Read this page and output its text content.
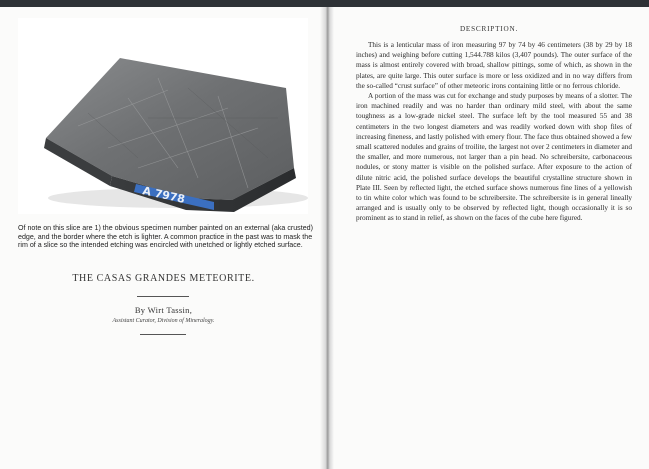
A 7978

Of note on this slice are 1) the obvious specimen number painted on an external (aka crusted) edge, and the border where the etch is lighter. A common practice in the past was to mask the rim of a slice so the intended etching was encircled with unetched or lightly etched surface.

THE CASAS GRANDES METEORITE.
By Wirt Tassin,
Assistant Curator, Division of Mineralogy.
DESCRIPTION.

This is a lenticular mass of iron measuring 97 by 74 by 46 centimeters (38 by 29 by 18 inches) and weighing before cutting 1,544.788 kilos (3,407 pounds). The outer surface of the mass is almost entirely covered with broad, shallow pittings, some of which, as shown in the plates, are quite large. This outer surface is more or less oxidized and in no way differs from the so-called “crust surface” of other meteoric irons containing little or no ferrous chloride.

A portion of the mass was cut for exchange and study purposes by means of a slotter. The iron machined readily and was no harder than ordinary mild steel, with about the same toughness as a low-grade nickel steel. The surface left by the tool measured 55 and 38 centimeters in the two longest diameters and was readily worked down with shop files of increasing fineness, and lastly polished with emery flour. The face thus obtained showed a few small scattered nodules and grains of troilite, the largest not over 2 centimeters in diameter and the smaller, and more numerous, not larger than a pin head. No schreibersite, carbonaceous nodules, or stony matter is visible on the polished surface. After exposure to the action of dilute nitric acid, the polished surface develops the beautiful crystalline structure shown in Plate III. Seen by reflected light, the etched surface shows numerous fine lines of a yellowish to tin white color which was found to be schreibersite. The schreibersite is in general lineally arranged and is usually only to be observed by reflected light, though occasionally it is so prominent as to stand in relief, as shown on the faces of the cube here figured.
